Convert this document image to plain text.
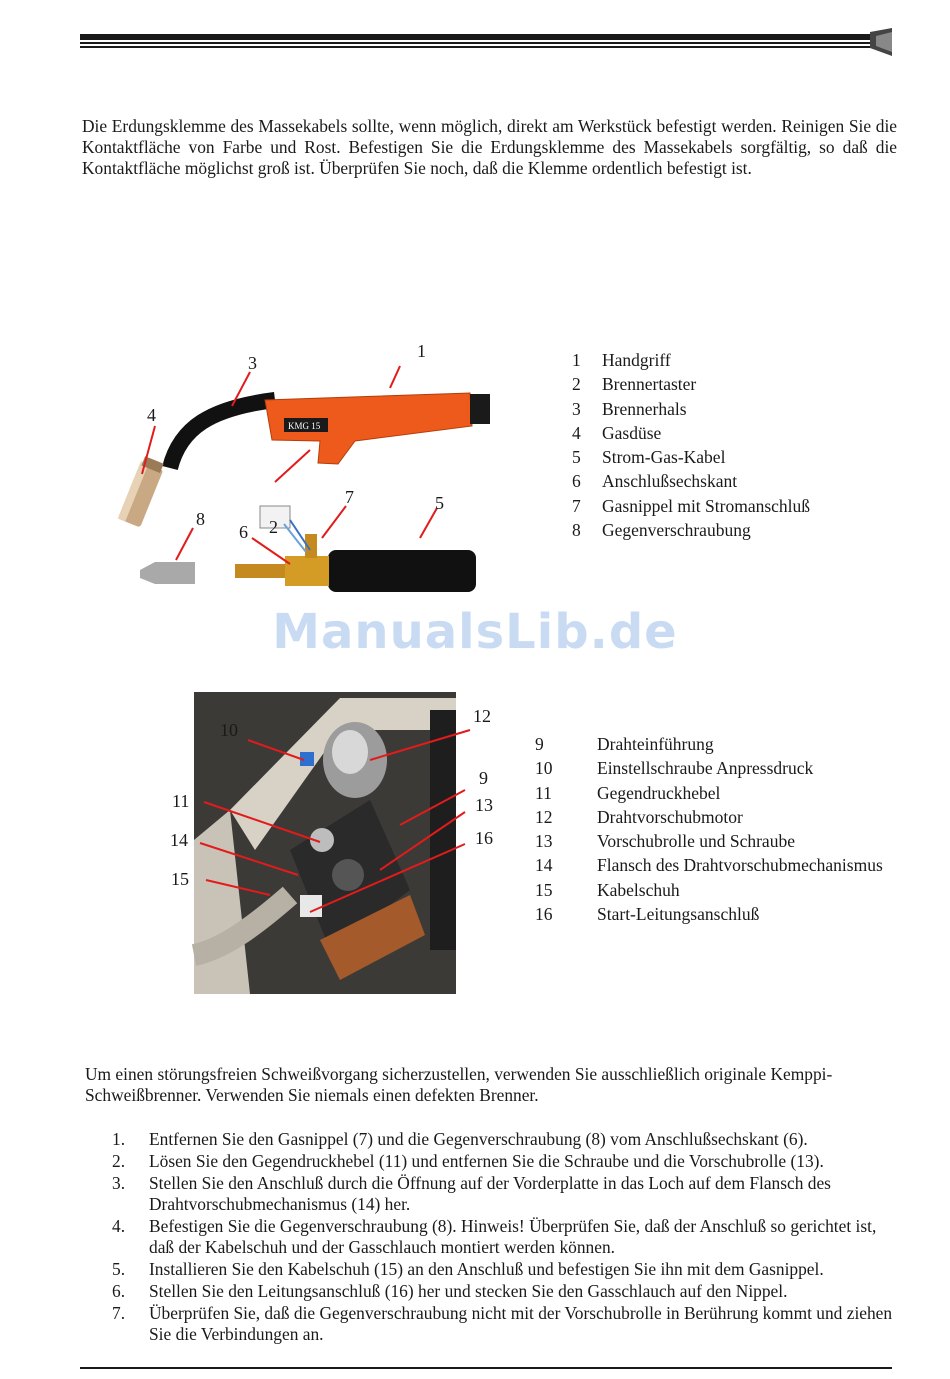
Die Erdungsklemme des Massekabels sollte, wenn möglich, direkt am Werkstück befestigt werden. Reinigen Sie die Kontaktfläche von Farbe und Rost. Befestigen Sie die Erdungsklemme des Massekabels sorgfältig, so daß die Kontaktfläche möglichst groß ist. Überprüfen Sie noch, daß die Klemme ordentlich befestigt ist.

KMG 15
1
2
3
4
5
6
7
8
1	Handgriff
2	Brennertaster
3	Brennerhals
4	Gasdüse
5	Strom-Gas-Kabel
6	Anschlußsechskant
7	Gasnippel mit Stromanschluß
8	Gegenverschraubung
ManualsLib.de
10
12
9
11	13
14	16
15
9	Drahteinführung
10	Einstellschraube Anpressdruck
11	Gegendruckhebel
12	Drahtvorschubmotor
13	Vorschubrolle und Schraube
14	Flansch des Drahtvorschubmechanismus
15	Kabelschuh
16	Start-Leitungsanschluß

Um einen störungsfreien Schweißvorgang sicherzustellen, verwenden Sie ausschließlich originale Kemppi-Schweißbrenner. Verwenden Sie niemals einen defekten Brenner.

1.	Entfernen Sie den Gasnippel (7) und die Gegenverschraubung (8) vom Anschlußsechskant (6).
2.	Lösen Sie den Gegendruckhebel (11) und entfernen Sie die Schraube und die Vorschubrolle (13).
3.	Stellen Sie den Anschluß durch die Öffnung auf der Vorderplatte in das Loch auf dem Flansch des Drahtvorschubmechanismus (14) her.
4.	Befestigen Sie die Gegenverschraubung (8). Hinweis! Überprüfen Sie, daß der Anschluß so gerichtet ist, daß der Kabelschuh und der Gasschlauch montiert werden können.
5.	Installieren Sie den Kabelschuh (15) an den Anschluß und befestigen Sie ihn mit dem Gasnippel.
6.	Stellen Sie den Leitungsanschluß (16) her und stecken Sie den Gasschlauch auf den Nippel.
7.	Überprüfen Sie, daß die Gegenverschraubung nicht mit der Vorschubrolle in Berührung kommt und ziehen Sie die Verbindungen an.
